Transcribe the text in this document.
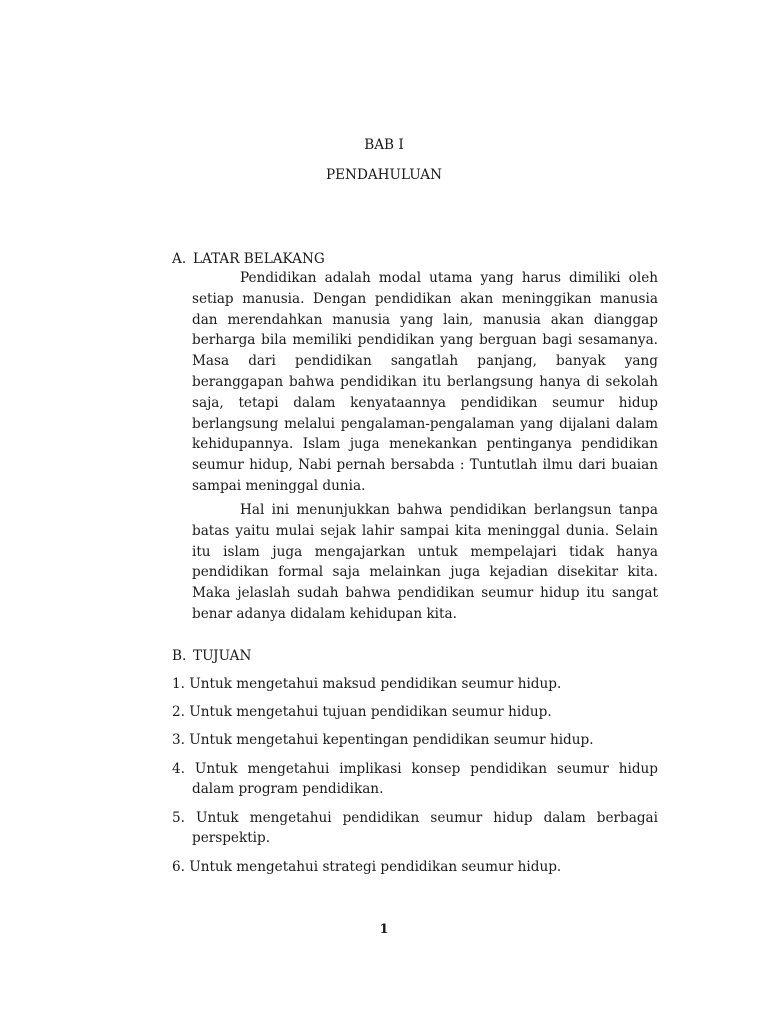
BAB I
PENDAHULUAN
A. LATAR BELAKANG

Pendidikan adalah modal utama yang harus dimiliki oleh setiap manusia. Dengan pendidikan akan meninggikan manusia dan merendahkan manusia yang lain, manusia akan dianggap berharga bila memiliki pendidikan yang berguan bagi sesamanya. Masa dari pendidikan sangatlah panjang, banyak yang beranggapan bahwa pendidikan itu berlangsung hanya di sekolah saja, tetapi dalam kenyataannya pendidikan seumur hidup berlangsung melalui pengalaman-pengalaman yang dijalani dalam kehidupannya. Islam juga menekankan pentinganya pendidikan seumur hidup, Nabi pernah bersabda : Tuntutlah ilmu dari buaian sampai meninggal dunia.

Hal ini menunjukkan bahwa pendidikan berlangsun tanpa batas yaitu mulai sejak lahir sampai kita meninggal dunia. Selain itu islam juga mengajarkan untuk mempelajari tidak hanya pendidikan formal saja melainkan juga kejadian disekitar kita. Maka jelaslah sudah bahwa pendidikan seumur hidup itu sangat benar adanya didalam kehidupan kita.

B. TUJUAN
1. Untuk mengetahui maksud pendidikan seumur hidup.
2. Untuk mengetahui tujuan pendidikan seumur hidup.
3. Untuk mengetahui kepentingan pendidikan seumur hidup.
4. Untuk mengetahui implikasi konsep pendidikan seumur hidup dalam program pendidikan.
5. Untuk mengetahui pendidikan seumur hidup dalam berbagai perspektip.
6. Untuk mengetahui strategi pendidikan seumur hidup.
1
